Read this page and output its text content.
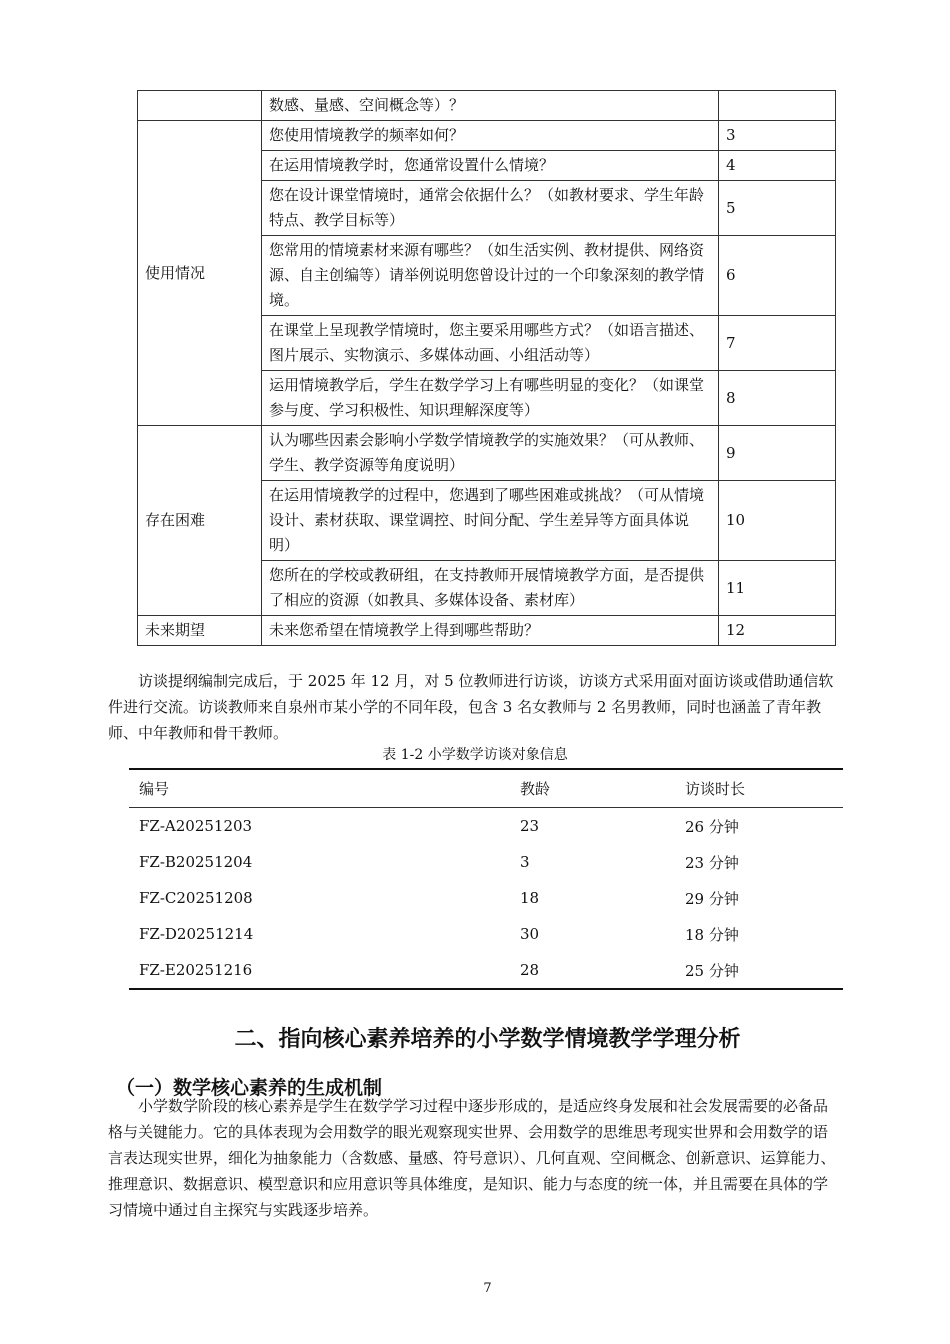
	数感、量感、空间概念等）？	
使用情况	您使用情境教学的频率如何？	3
	在运用情境教学时，您通常设置什么情境？	4
	您在设计课堂情境时，通常会依据什么？（如教材要求、学生年龄特点、教学目标等）	5
	您常用的情境素材来源有哪些？（如生活实例、教材提供、网络资源、自主创编等）请举例说明您曾设计过的一个印象深刻的教学情境。	6
	在课堂上呈现教学情境时，您主要采用哪些方式？（如语言描述、图片展示、实物演示、多媒体动画、小组活动等）	7
	运用情境教学后，学生在数学学习上有哪些明显的变化？（如课堂参与度、学习积极性、知识理解深度等）	8
存在困难	认为哪些因素会影响小学数学情境教学的实施效果？（可从教师、学生、教学资源等角度说明）	9
	在运用情境教学的过程中，您遇到了哪些困难或挑战？（可从情境设计、素材获取、课堂调控、时间分配、学生差异等方面具体说明）	10
	您所在的学校或教研组，在支持教师开展情境教学方面，是否提供了相应的资源（如教具、多媒体设备、素材库）	11
未来期望	未来您希望在情境教学上得到哪些帮助？	12

访谈提纲编制完成后，于 2025 年 12 月，对 5 位教师进行访谈，访谈方式采用面对面访谈或借助通信软件进行交流。访谈教师来自泉州市某小学的不同年段，包含 3 名女教师与 2 名男教师，同时也涵盖了青年教师、中年教师和骨干教师。

表 1-2 小学数学访谈对象信息
编号	教龄	访谈时长
FZ-A20251203	23	26 分钟
FZ-B20251204	3	23 分钟
FZ-C20251208	18	29 分钟
FZ-D20251214	30	18 分钟
FZ-E20251216	28	25 分钟
二、指向核心素养培养的小学数学情境教学学理分析
（一）数学核心素养的生成机制

小学数学阶段的核心素养是学生在数学学习过程中逐步形成的，是适应终身发展和社会发展需要的必备品格与关键能力。它的具体表现为会用数学的眼光观察现实世界、会用数学的思维思考现实世界和会用数学的语言表达现实世界，细化为抽象能力（含数感、量感、符号意识）、几何直观、空间概念、创新意识、运算能力、推理意识、数据意识、模型意识和应用意识等具体维度，是知识、能力与态度的统一体，并且需要在具体的学习情境中通过自主探究与实践逐步培养。

7
